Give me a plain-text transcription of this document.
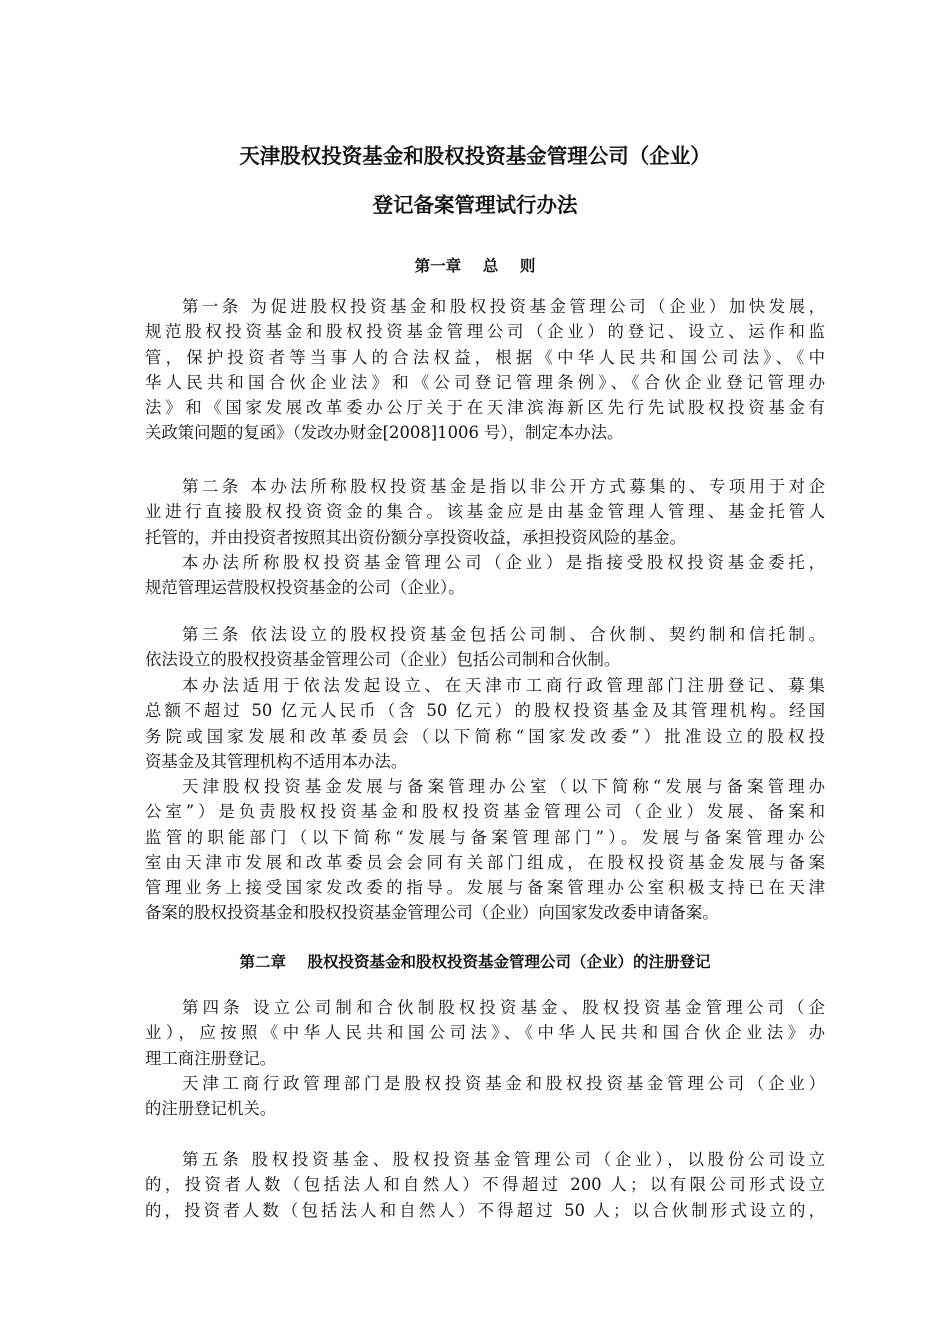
天津股权投资基金和股权投资基金管理公司（企业）
登记备案管理试行办法
第一章    总    则
第一条 为促进股权投资基金和股权投资基金管理公司（企业）加快发展，
规范股权投资基金和股权投资基金管理公司（企业）的登记、设立、运作和监
管，保护投资者等当事人的合法权益，根据《中华人民共和国公司法》、《中
华人民共和国合伙企业法》和《公司登记管理条例》、《合伙企业登记管理办
法》和《国家发展改革委办公厅关于在天津滨海新区先行先试股权投资基金有
关政策问题的复函》（发改办财金[2008]1006 号），制定本办法。
第二条 本办法所称股权投资基金是指以非公开方式募集的、专项用于对企
业进行直接股权投资资金的集合。该基金应是由基金管理人管理、基金托管人
托管的，并由投资者按照其出资份额分享投资收益，承担投资风险的基金。
本办法所称股权投资基金管理公司（企业）是指接受股权投资基金委托，
规范管理运营股权投资基金的公司（企业）。
第三条 依法设立的股权投资基金包括公司制、合伙制、契约制和信托制。
依法设立的股权投资基金管理公司（企业）包括公司制和合伙制。
本办法适用于依法发起设立、在天津市工商行政管理部门注册登记、募集
总额不超过 50 亿元人民币（含 50 亿元）的股权投资基金及其管理机构。经国
务院或国家发展和改革委员会（以下简称“国家发改委”）批准设立的股权投
资基金及其管理机构不适用本办法。
天津股权投资基金发展与备案管理办公室（以下简称“发展与备案管理办
公室”）是负责股权投资基金和股权投资基金管理公司（企业）发展、备案和
监管的职能部门（以下简称“发展与备案管理部门”）。发展与备案管理办公
室由天津市发展和改革委员会会同有关部门组成，在股权投资基金发展与备案
管理业务上接受国家发改委的指导。发展与备案管理办公室积极支持已在天津
备案的股权投资基金和股权投资基金管理公司（企业）向国家发改委申请备案。
第二章    股权投资基金和股权投资基金管理公司（企业）的注册登记
第四条 设立公司制和合伙制股权投资基金、股权投资基金管理公司（企
业），应按照《中华人民共和国公司法》、《中华人民共和国合伙企业法》办
理工商注册登记。
天津工商行政管理部门是股权投资基金和股权投资基金管理公司（企业）
的注册登记机关。
第五条 股权投资基金、股权投资基金管理公司（企业），以股份公司设立
的，投资者人数（包括法人和自然人）不得超过 200 人；以有限公司形式设立
的，投资者人数（包括法人和自然人）不得超过 50 人；以合伙制形式设立的，
